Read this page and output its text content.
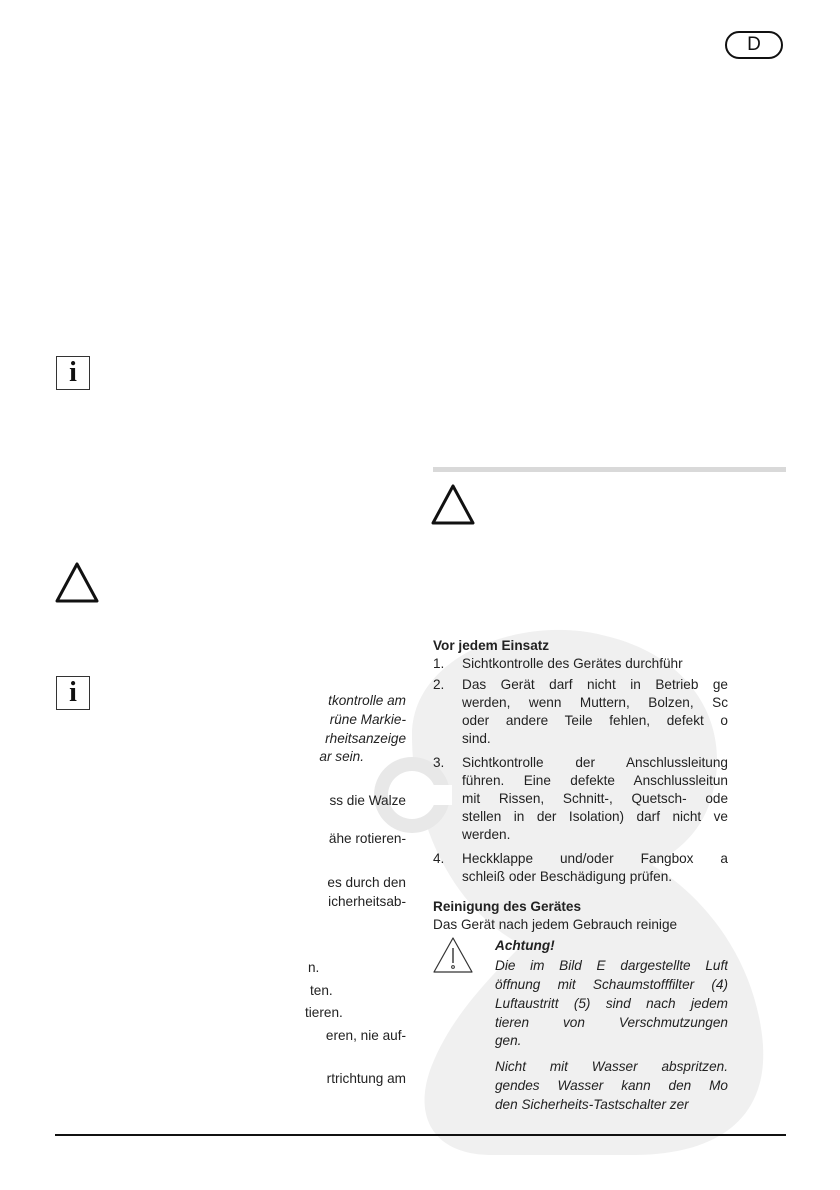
D
i
i	tkontrolle am
rüne Markie-
rheitsanzeige
ar sein.
ss die Walze
ähe rotieren-
es durch den
icherheitsab-
n.
ten.
tieren.
eren, nie auf-
rtrichtung am
Vor jedem Einsatz
1.	Sichtkontrolle des Gerätes durchführ
2.	Das Gerät darf nicht in Betrieb ge
werden, wenn Muttern, Bolzen, Sc
oder andere Teile fehlen, defekt o
sind.
3.	Sichtkontrolle der Anschlussleitung
führen. Eine defekte Anschlussleitun
mit Rissen, Schnitt-, Quetsch- ode
stellen in der Isolation) darf nicht ve
werden.
4.	Heckklappe und/oder Fangbox a
schleiß oder Beschädigung prüfen.
Reinigung des Gerätes
Das Gerät nach jedem Gebrauch reinige
Achtung!
Die im Bild E dargestellte Luft
öffnung mit Schaumstofffilter (4)
Luftaustritt (5) sind nach jedem
tieren von Verschmutzungen
gen.
Nicht mit Wasser abspritzen.
gendes Wasser kann den Mo
den Sicherheits-Tastschalter zer
